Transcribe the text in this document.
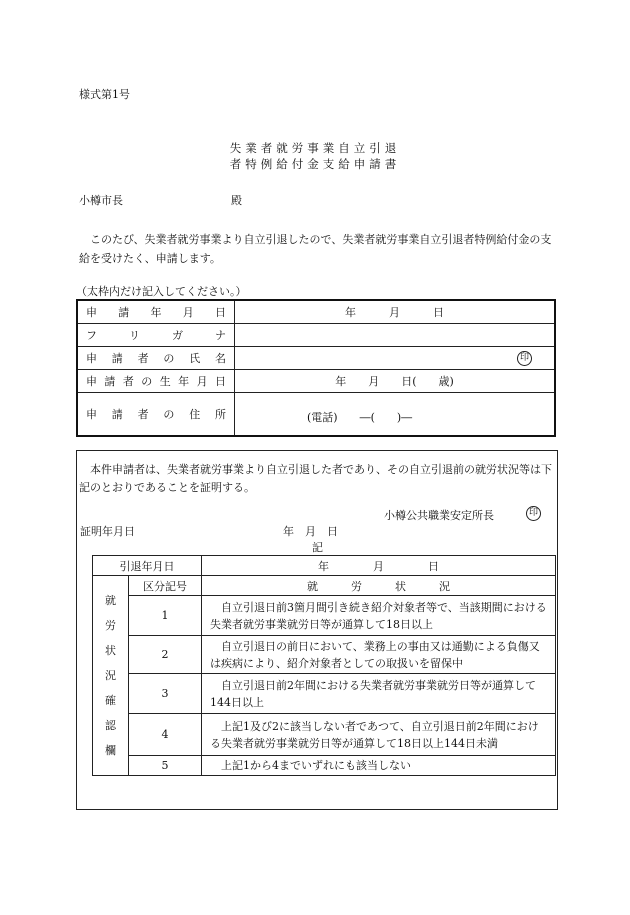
様式第1号
失業者就労事業自立引退
者特例給付金支給申請書
小樽市長	殿
このたび、失業者就労事業より自立引退したので、失業者就労事業自立引退者特例給付金の支給を受けたく、申請します。
（太枠内だけ記入してください。）
申　請　年　月　日	年　　　月　　　日
フ　リ　ガ　ナ	
申　請　者　の　氏　名	印

申請者の生年月日	年　　月　　日(　　歳)
申　請　者　の　住　所	(電話)　　―(　　)―
本件申請者は、失業者就労事業より自立引退した者であり、その自立引退前の就労状況等は下記のとおりであることを証明する。
小樽公共職業安定所長	印
証明年月日	年　月　日
記
引退年月日		年　　　　月　　　　日

就労状況確認欄	区分記号	就　　　労　　　状　　　況
	1	自立引退日前3箇月間引き続き紹介対象者等で、当該期間における失業者就労事業就労日等が通算して18日以上
	2	自立引退日の前日において、業務上の事由又は通勤による負傷又は疾病により、紹介対象者としての取扱いを留保中
	3	自立引退日前2年間における失業者就労事業就労日等が通算して144日以上
	4	上記1及び2に該当しない者であつて、自立引退日前2年間における失業者就労事業就労日等が通算して18日以上144日未満
	5	上記1から4までいずれにも該当しない
